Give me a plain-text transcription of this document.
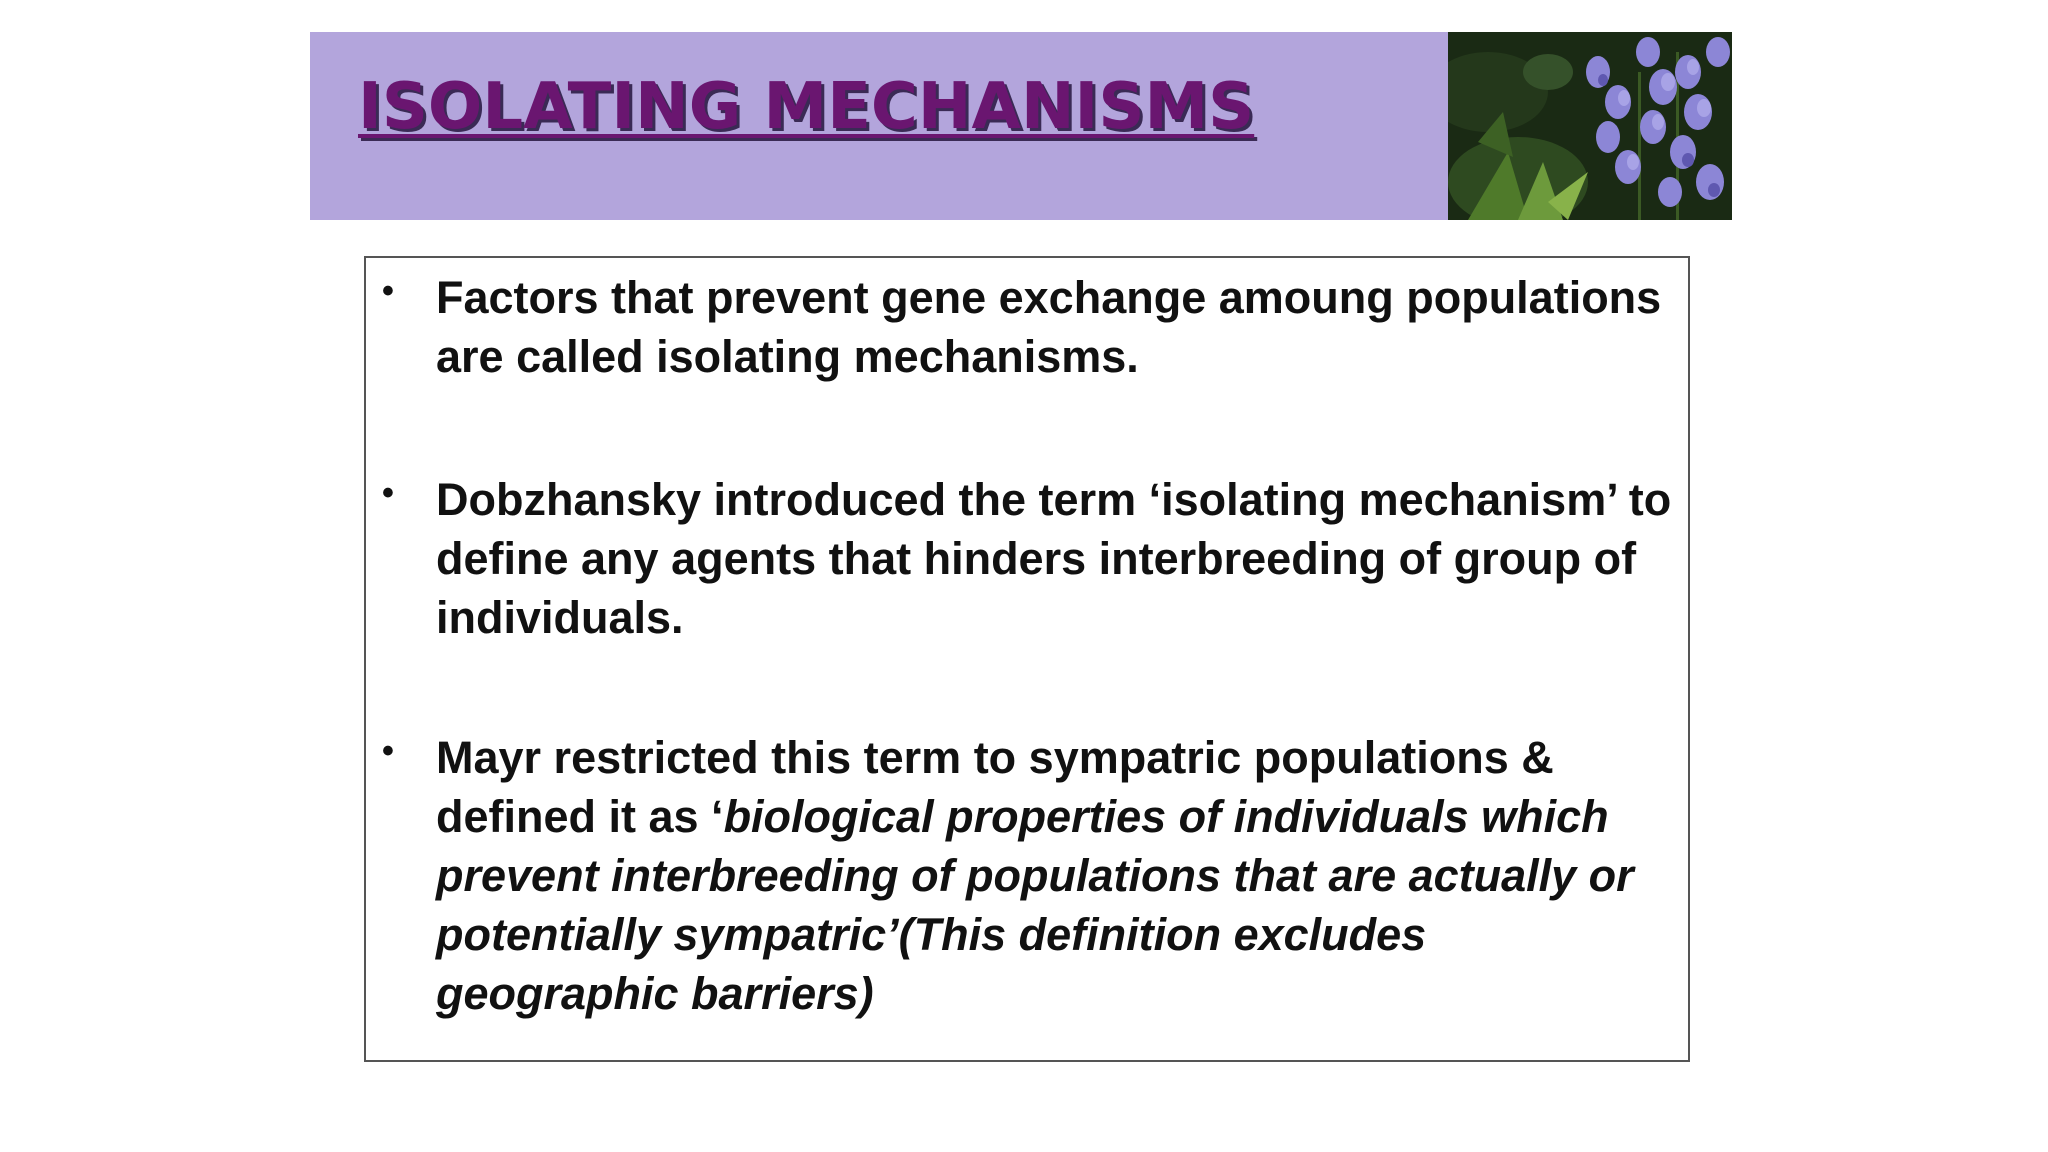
ISOLATING MECHANISMS
• Factors that prevent gene exchange amoung populations are called isolating mechanisms.
• Dobzhansky introduced the term ‘isolating mechanism’ to define any agents that hinders interbreeding of group of individuals.
• Mayr restricted this term to sympatric populations & defined it as ‘biological properties of individuals which prevent interbreeding of populations that are actually or potentially sympatric’(This definition excludes geographic barriers)
